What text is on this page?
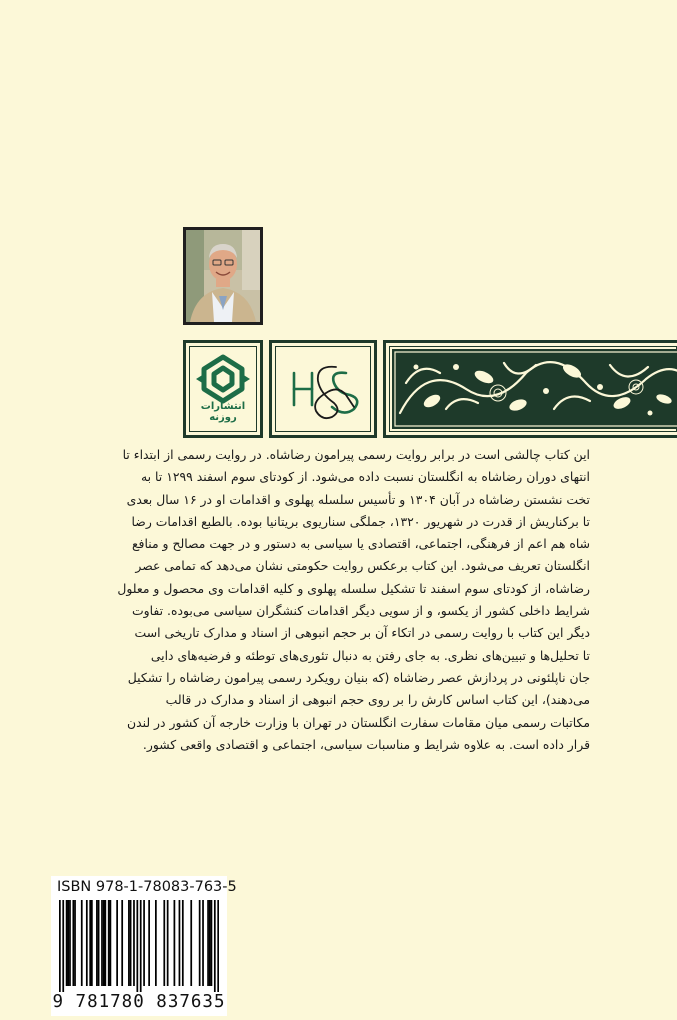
انتشارات روزنه
این کتاب چالشی است در برابر روایت رسمی پیرامون رضاشاه. در روایت رسمی از ابتداء تا
انتهای دوران رضاشاه به انگلستان نسبت داده می‌شود. از کودتای سوم اسفند ۱۲۹۹ تا به
تخت نشستن رضاشاه در آبان ۱۳۰۴ و تأسیس سلسله پهلوی و اقدامات او در ۱۶ سال بعدی
تا برکناریش از قدرت در شهریور ۱۳۲۰، جملگی سناریوی بریتانیا بوده. بالطبع اقدامات رضا
شاه هم اعم از فرهنگی، اجتماعی، اقتصادی یا سیاسی به دستور و در جهت مصالح و منافع
انگلستان تعریف می‌شود. این کتاب برعکس روایت حکومتی نشان می‌دهد که تمامی عصر
رضاشاه، از کودتای سوم اسفند تا تشکیل سلسله پهلوی و کلیه اقدامات وی محصول و معلول
شرایط داخلی کشور از یکسو، و از سویی دیگر اقدامات کنشگران سیاسی می‌بوده. تفاوت
دیگر این کتاب با روایت رسمی در اتکاء آن بر حجم انبوهی از اسناد و مدارک تاریخی است
تا تحلیل‌ها و تبیین‌های نظری. به جای رفتن به دنبال تئوری‌های توطئه و فرضیه‌های دایی
جان ناپلئونی در پردازش عصر رضاشاه (که بنیان رویکرد رسمی پیرامون رضاشاه را تشکیل
می‌دهند)، این کتاب اساس کارش را بر روی حجم انبوهی از اسناد و مدارک در قالب
مکاتبات رسمی میان مقامات سفارت انگلستان در تهران با وزارت خارجه آن کشور در لندن
قرار داده است. به علاوه شرایط و مناسبات سیاسی، اجتماعی و اقتصادی واقعی کشور.
ISBN 978-1-78083-763-5
9 781780 837635
